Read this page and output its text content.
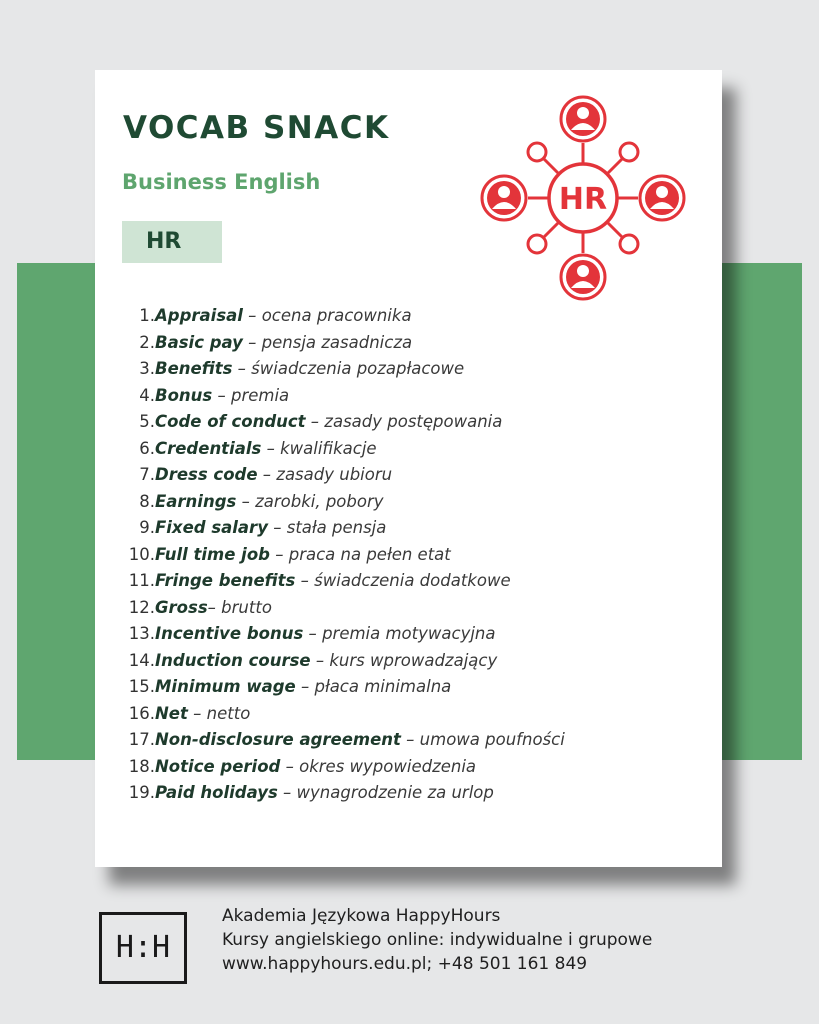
VOCAB SNACK
Business English
HR
HR
1.Appraisal – ocena pracownika
2.Basic pay – pensja zasadnicza
3.Benefits – świadczenia pozapłacowe
4.Bonus – premia
5.Code of conduct – zasady postępowania
6.Credentials – kwalifikacje
7.Dress code – zasady ubioru
8.Earnings – zarobki, pobory
9.Fixed salary – stała pensja
10.Full time job – praca na pełen etat
11.Fringe benefits – świadczenia dodatkowe
12.Gross– brutto
13.Incentive bonus – premia motywacyjna
14.Induction course – kurs wprowadzający
15.Minimum wage – płaca minimalna
16.Net – netto
17.Non-disclosure agreement – umowa poufności
18.Notice period – okres wypowiedzenia
19.Paid holidays – wynagrodzenie za urlop
H:H
Akademia Językowa HappyHours
Kursy angielskiego online: indywidualne i grupowe
www.happyhours.edu.pl; +48 501 161 849
